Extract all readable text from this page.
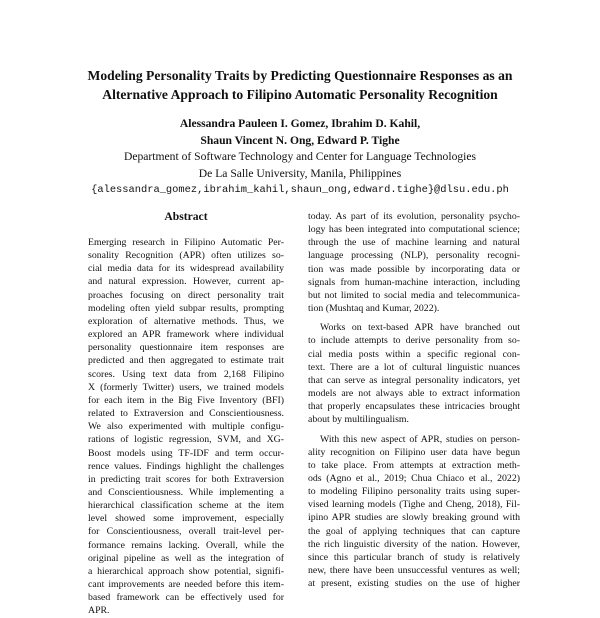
Modeling Personality Traits by Predicting Questionnaire Responses as an
Alternative Approach to Filipino Automatic Personality Recognition
Alessandra Pauleen I. Gomez, Ibrahim D. Kahil,
Shaun Vincent N. Ong, Edward P. Tighe
Department of Software Technology and Center for Language Technologies
De La Salle University, Manila, Philippines
{alessandra_gomez,ibrahim_kahil,shaun_ong,edward.tighe}@dlsu.edu.ph
Abstract
Emerging research in Filipino Automatic Per-
sonality Recognition (APR) often utilizes so-
cial media data for its widespread availability
and natural expression. However, current ap-
proaches focusing on direct personality trait
modeling often yield subpar results, prompting
exploration of alternative methods. Thus, we
explored an APR framework where individual
personality questionnaire item responses are
predicted and then aggregated to estimate trait
scores. Using text data from 2,168 Filipino
X (formerly Twitter) users, we trained models
for each item in the Big Five Inventory (BFI)
related to Extraversion and Conscientiousness.
We also experimented with multiple configu-
rations of logistic regression, SVM, and XG-
Boost models using TF-IDF and term occur-
rence values. Findings highlight the challenges
in predicting trait scores for both Extraversion
and Conscientiousness. While implementing a
hierarchical classification scheme at the item
level showed some improvement, especially
for Conscientiousness, overall trait-level per-
formance remains lacking. Overall, while the
original pipeline as well as the integration of
a hierarchical approach show potential, signifi-
cant improvements are needed before this item-
based framework can be effectively used for
APR.
today. As part of its evolution, personality psycho-
logy has been integrated into computational science;
through the use of machine learning and natural
language processing (NLP), personality recogni-
tion was made possible by incorporating data or
signals from human-machine interaction, including
but not limited to social media and telecommunica-
tion (Mushtaq and Kumar, 2022).
Works on text-based APR have branched out
to include attempts to derive personality from so-
cial media posts within a specific regional con-
text. There are a lot of cultural linguistic nuances
that can serve as integral personality indicators, yet
models are not always able to extract information
that properly encapsulates these intricacies brought
about by multilingualism.
With this new aspect of APR, studies on person-
ality recognition on Filipino user data have begun
to take place. From attempts at extraction meth-
ods (Agno et al., 2019; Chua Chiaco et al., 2022)
to modeling Filipino personality traits using super-
vised learning models (Tighe and Cheng, 2018), Fil-
ipino APR studies are slowly breaking ground with
the goal of applying techniques that can capture
the rich linguistic diversity of the nation. However,
since this particular branch of study is relatively
new, there have been unsuccessful ventures as well;
at present, existing studies on the use of higher
